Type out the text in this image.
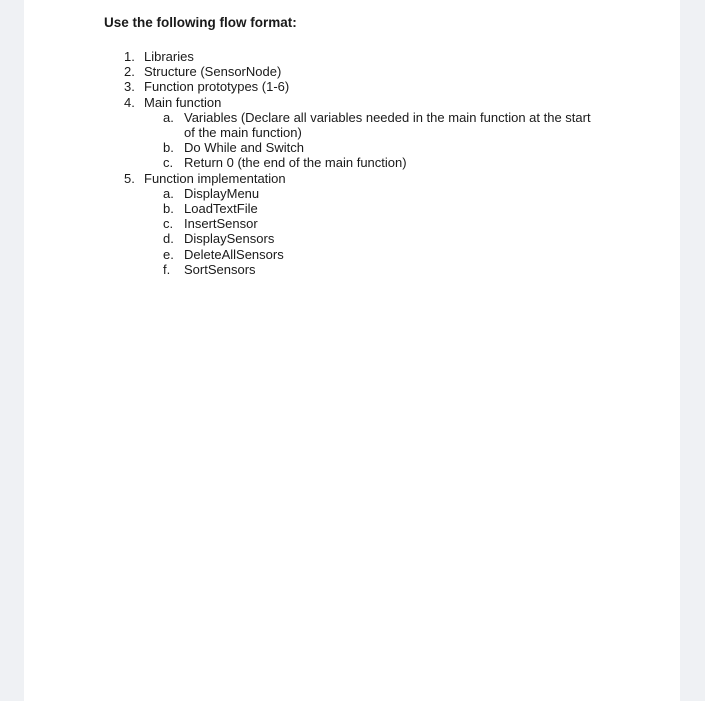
Use the following flow format:
1. Libraries
2. Structure (SensorNode)
3. Function prototypes (1-6)
4. Main function
a. Variables (Declare all variables needed in the main function at the start
of the main function)
b. Do While and Switch
c. Return 0 (the end of the main function)
5. Function implementation
a. DisplayMenu
b. LoadTextFile
c. InsertSensor
d. DisplaySensors
e. DeleteAllSensors
f. SortSensors
